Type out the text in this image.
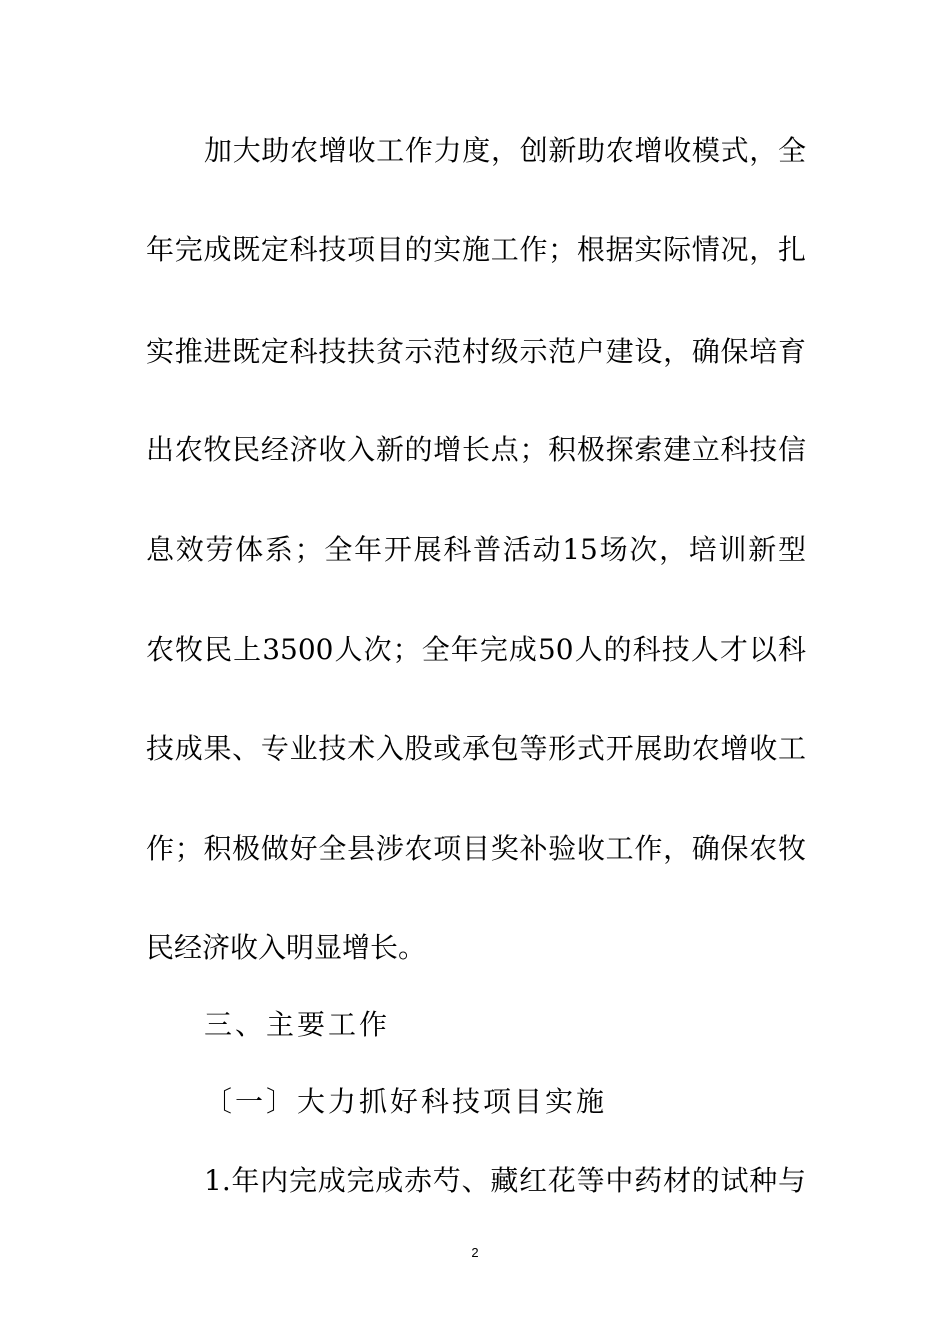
加大助农增收工作力度，创新助农增收模式，全
年完成既定科技项目的实施工作；根据实际情况，扎
实推进既定科技扶贫示范村级示范户建设，确保培育
出农牧民经济收入新的增长点；积极探索建立科技信
息效劳体系；全年开展科普活动15场次，培训新型
农牧民上3500人次；全年完成50人的科技人才以科
技成果、专业技术入股或承包等形式开展助农增收工
作；积极做好全县涉农项目奖补验收工作，确保农牧
民经济收入明显增长。
三、主要工作
〔一〕大力抓好科技项目实施
1.年内完成完成赤芍、藏红花等中药材的试种与
2
